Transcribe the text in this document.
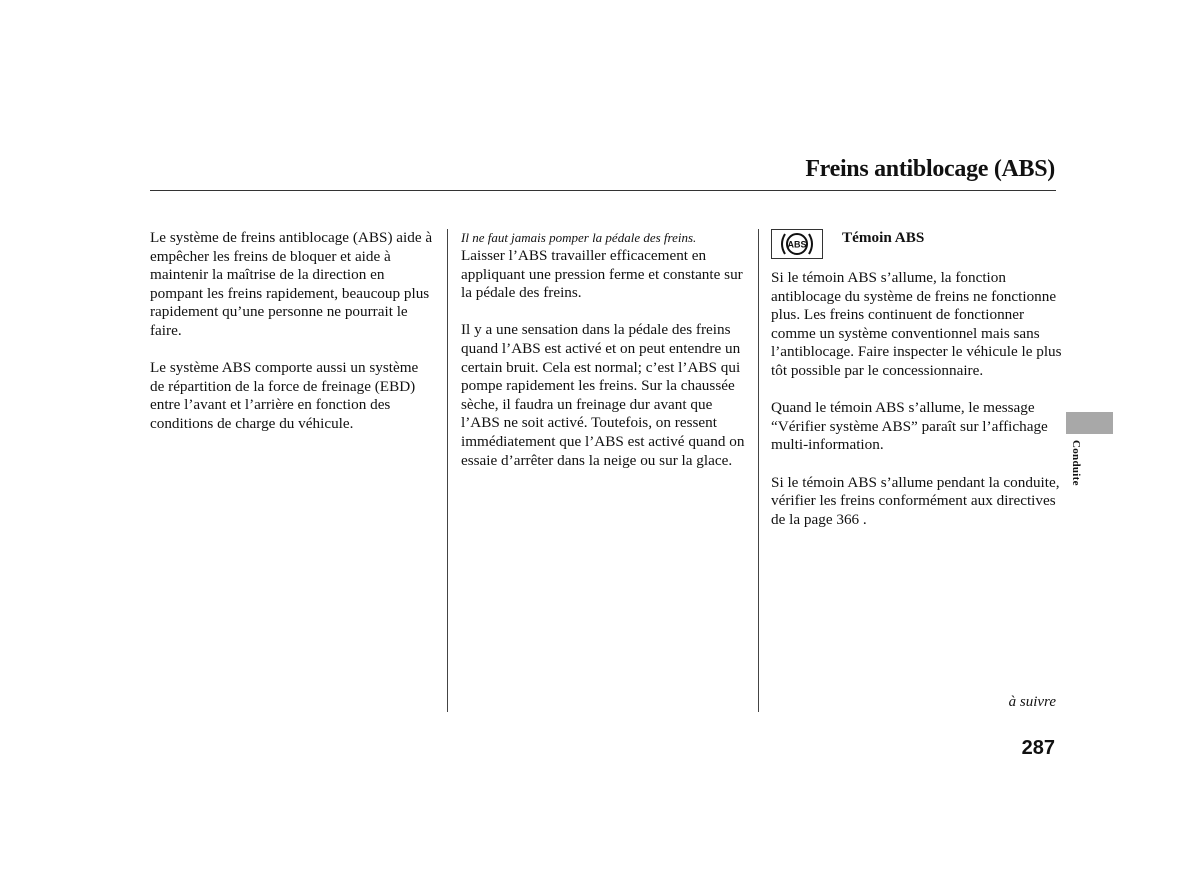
Freins antiblocage (ABS)

Le système de freins antiblocage (ABS) aide à empêcher les freins de bloquer et aide à maintenir la maîtrise de la direction en pompant les freins rapidement, beaucoup plus rapidement qu’une personne ne pourrait le faire.

Le système ABS comporte aussi un système de répartition de la force de freinage (EBD) entre l’avant et l’arrière en fonction des conditions de charge du véhicule.

Il ne faut jamais pomper la pédale des freins.

Laisser l’ABS travailler efficacement en appliquant une pression ferme et constante sur la pédale des freins.

Il y a une sensation dans la pédale des freins quand l’ABS est activé et on peut entendre un certain bruit. Cela est normal; c’est l’ABS qui pompe rapidement les freins. Sur la chaussée sèche, il faudra un freinage dur avant que l’ABS ne soit activé. Toutefois, on ressent immédiatement que l’ABS est activé quand on essaie d’arrêter dans la neige ou sur la glace.

ABS Témoin ABS

Si le témoin ABS s’allume, la fonction antiblocage du système de freins ne fonctionne plus. Les freins continuent de fonctionner comme un système conventionnel mais sans l’antiblocage. Faire inspecter le véhicule le plus tôt possible par le concessionnaire.

Quand le témoin ABS s’allume, le message “Vérifier système ABS” paraît sur l’affichage multi-information.

Si le témoin ABS s’allume pendant la conduite, vérifier les freins conformément aux directives de la page 366 .

Conduite
à suivre
287
